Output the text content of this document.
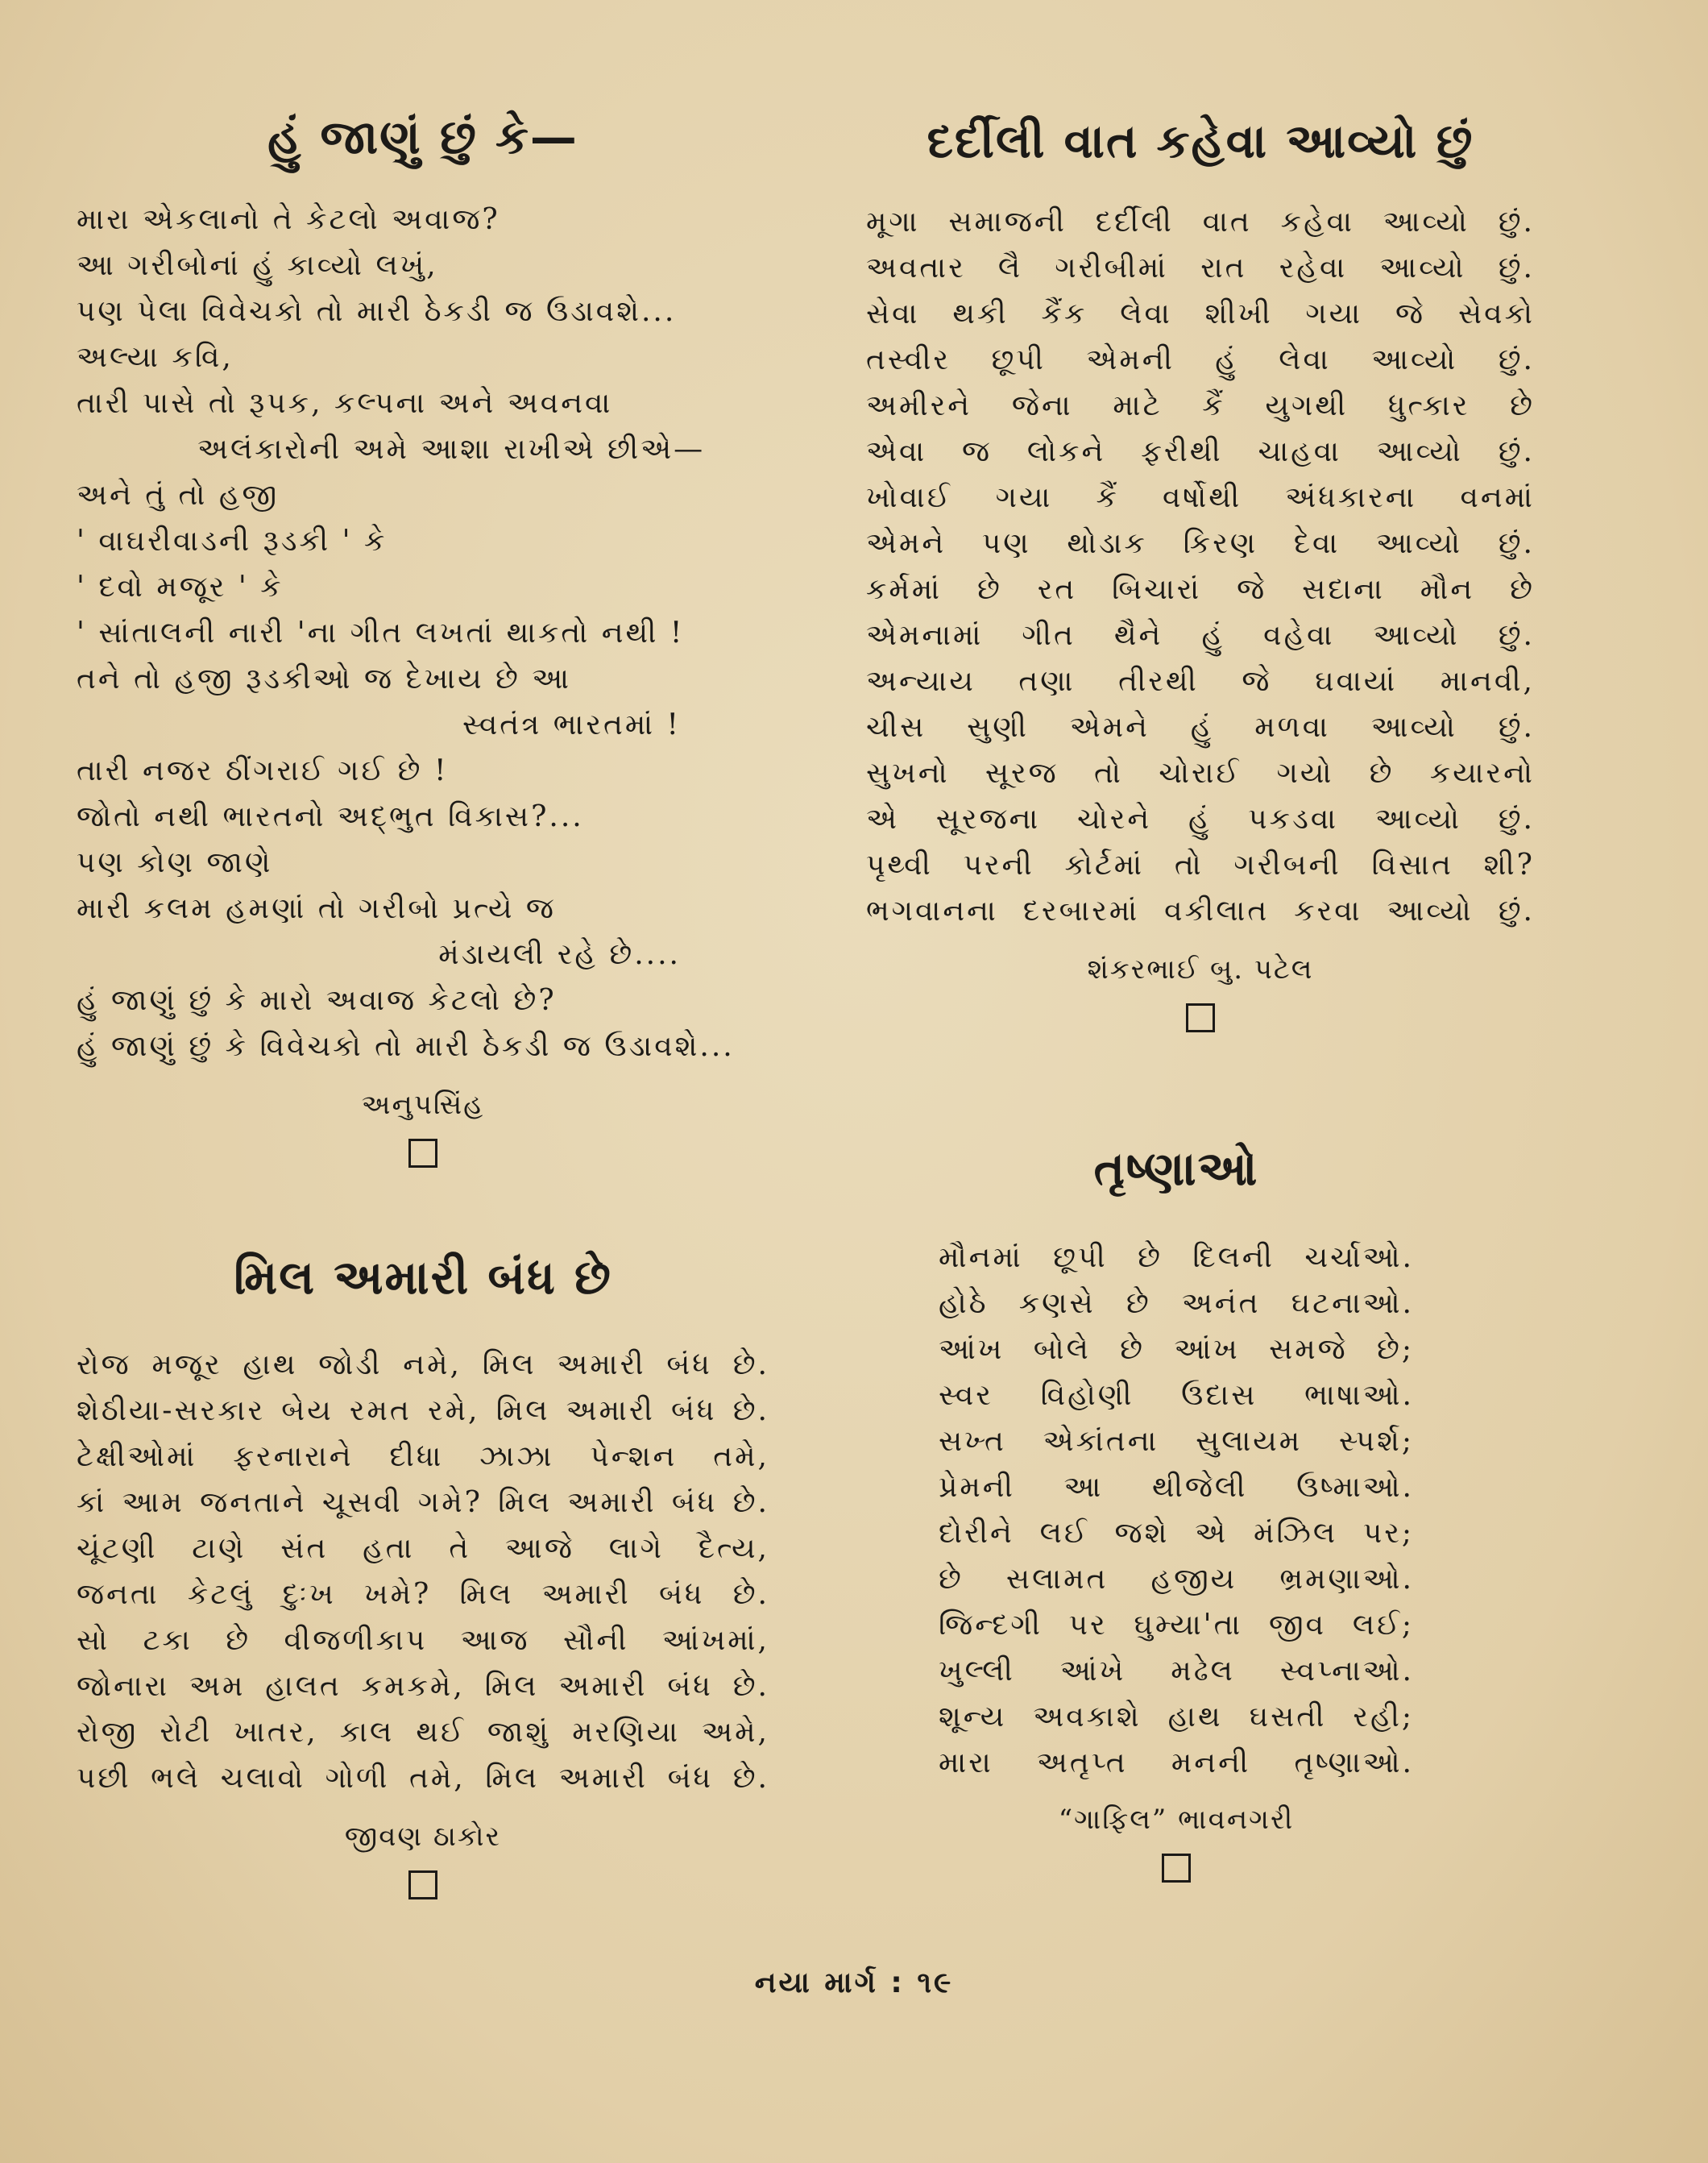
હું જાણું છું કે—
મારા એકલાનો તે કેટલો અવાજ?
આ ગરીબોનાં હું કાવ્યો લખું,
પણ પેલા વિવેચકો તો મારી ઠેકડી જ ઉડાવશે...
અલ્યા કવિ,
તારી પાસે તો રૂપક, કલ્પના અને અવનવા
અલંકારોની અમે આશા રાખીએ છીએ—
અને તું તો હજી
' વાઘરીવાડની રૂડકી ' કે
' દવો મજૂર ' કે
' સાંતાલની નારી 'ના ગીત લખતાં થાકતો નથી !
તને તો હજી રૂડકીઓ જ દેખાય છે આ
સ્વતંત્ર ભારતમાં !
તારી નજર ઠીંગરાઈ ગઈ છે !
જોતો નથી ભારતનો અદ્ભુત વિકાસ?...
પણ કોણ જાણે
મારી કલમ હમણાં તો ગરીબો પ્રત્યે જ
મંડાયલી રહે છે....
હું જાણું છું કે મારો અવાજ કેટલો છે?
હું જાણું છું કે વિવેચકો તો મારી ઠેકડી જ ઉડાવશે...

અનુપસિંહ

મિલ અમારી બંધ છે
રોજ મજૂર હાથ જોડી નમે, મિલ અમારી બંધ છે.
શેઠીયા-સરકાર બેય રમત રમે, મિલ અમારી બંધ છે.
ટેક્ષીઓમાં ફરનારાને દીધા ઝાઝા પેન્શન તમે,
કાં આમ જનતાને ચૂસવી ગમે? મિલ અમારી બંધ છે.
ચૂંટણી ટાણે સંત હતા તે આજે લાગે દૈત્ય,
જનતા કેટલું દુઃખ ખમે? મિલ અમારી બંધ છે.
સો ટકા છે વીજળીકાપ આજ સૌની આંખમાં,
જોનારા અમ હાલત કમકમે, મિલ અમારી બંધ છે.
રોજી રોટી ખાતર, કાલ થઈ જાશું મરણિયા અમે,
પછી ભલે ચલાવો ગોળી તમે, મિલ અમારી બંધ છે.

જીવણ ઠાકોર

દર્દીલી વાત કહેવા આવ્યો છું
મૂગા સમાજની દર્દીલી વાત કહેવા આવ્યો છું.
અવતાર લૈ ગરીબીમાં રાત રહેવા આવ્યો છું.
સેવા થકી કૈંક લેવા શીખી ગયા જે સેવકો
તસ્વીર છૂપી એમની હું લેવા આવ્યો છું.
અમીરને જેના માટે કૈં યુગથી ધુત્કાર છે
એવા જ લોકને ફરીથી ચાહવા આવ્યો છું.
ખોવાઈ ગયા કૈં વર્ષોથી અંધકારના વનમાં
એમને પણ થોડાક કિરણ દેવા આવ્યો છું.
કર્મમાં છે રત બિચારાં જે સદાના મૌન છે
એમનામાં ગીત થૈને હું વહેવા આવ્યો છું.
અન્યાય તણા તીરથી જે ઘવાયાં માનવી,
ચીસ સુણી એમને હું મળવા આવ્યો છું.
સુખનો સૂરજ તો ચોરાઈ ગયો છે કયારનો
એ સૂરજના ચોરને હું પકડવા આવ્યો છું.
પૃથ્વી પરની કોર્ટમાં તો ગરીબની વિસાત શી?
ભગવાનના દરબારમાં વકીલાત કરવા આવ્યો છું.

શંકરભાઈ બુ. પટેલ

તૃષ્ણાઓ
મૌનમાં છૂપી છે દિલની ચર્ચાઓ.
હોઠે કણસે છે અનંત ઘટનાઓ.
આંખ બોલે છે આંખ સમજે છે;
સ્વર વિહોણી ઉદાસ ભાષાઓ.
સખ્ત એકાંતના સુલાયમ સ્પર્શ;
પ્રેમની આ થીજેલી ઉષ્માઓ.
દોરીને લઈ જશે એ મંઝિલ પર;
છે સલામત હજીય ભ્રમણાઓ.
જિન્દગી પર ઘુમ્યા'તા જીવ લઈ;
ખુલ્લી આંખે મઢેલ સ્વપ્નાઓ.
શૂન્ય અવકાશે હાથ ઘસતી રહી;
મારા અતૃપ્ત મનની તૃષ્ણાઓ.

“ગાફિલ” ભાવનગરી

નયા માર્ગ : ૧૯
